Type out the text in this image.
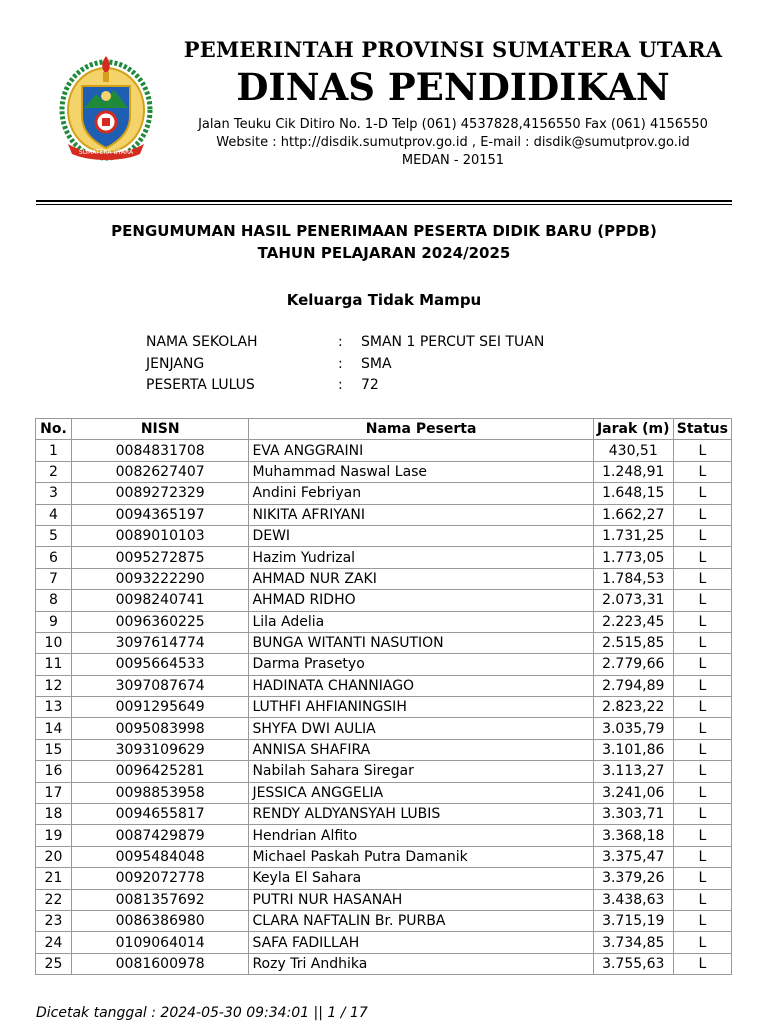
SUMATERA UTARA
PEMERINTAH PROVINSI SUMATERA UTARA
DINAS PENDIDIKAN
Jalan Teuku Cik Ditiro No. 1-D Telp (061) 4537828,4156550 Fax (061) 4156550
Website : http://disdik.sumutprov.go.id , E-mail : disdik@sumutprov.go.id
MEDAN - 20151
PENGUMUMAN HASIL PENERIMAAN PESERTA DIDIK BARU (PPDB)
TAHUN PELAJARAN 2024/2025
Keluarga Tidak Mampu
NAMA SEKOLAH	:	SMAN 1 PERCUT SEI TUAN
JENJANG	:	SMA
PESERTA LULUS	:	72
No.	NISN	Nama Peserta	Jarak (m)	Status
1	0084831708	EVA ANGGRAINI	430,51	L
2	0082627407	Muhammad Naswal Lase	1.248,91	L
3	0089272329	Andini Febriyan	1.648,15	L
4	0094365197	NIKITA AFRIYANI	1.662,27	L
5	0089010103	DEWI	1.731,25	L
6	0095272875	Hazim Yudrizal	1.773,05	L
7	0093222290	AHMAD NUR ZAKI	1.784,53	L
8	0098240741	AHMAD RIDHO	2.073,31	L
9	0096360225	Lila Adelia	2.223,45	L
10	3097614774	BUNGA WITANTI NASUTION	2.515,85	L
11	0095664533	Darma Prasetyo	2.779,66	L
12	3097087674	HADINATA CHANNIAGO	2.794,89	L
13	0091295649	LUTHFI AHFIANINGSIH	2.823,22	L
14	0095083998	SHYFA DWI AULIA	3.035,79	L
15	3093109629	ANNISA SHAFIRA	3.101,86	L
16	0096425281	Nabilah Sahara Siregar	3.113,27	L
17	0098853958	JESSICA ANGGELIA	3.241,06	L
18	0094655817	RENDY ALDYANSYAH LUBIS	3.303,71	L
19	0087429879	Hendrian Alfito	3.368,18	L
20	0095484048	Michael Paskah Putra Damanik	3.375,47	L
21	0092072778	Keyla El Sahara	3.379,26	L
22	0081357692	PUTRI NUR HASANAH	3.438,63	L
23	0086386980	CLARA NAFTALIN Br. PURBA	3.715,19	L
24	0109064014	SAFA FADILLAH	3.734,85	L
25	0081600978	Rozy Tri Andhika	3.755,63	L
Dicetak tanggal : 2024-05-30 09:34:01 || 1 / 17
